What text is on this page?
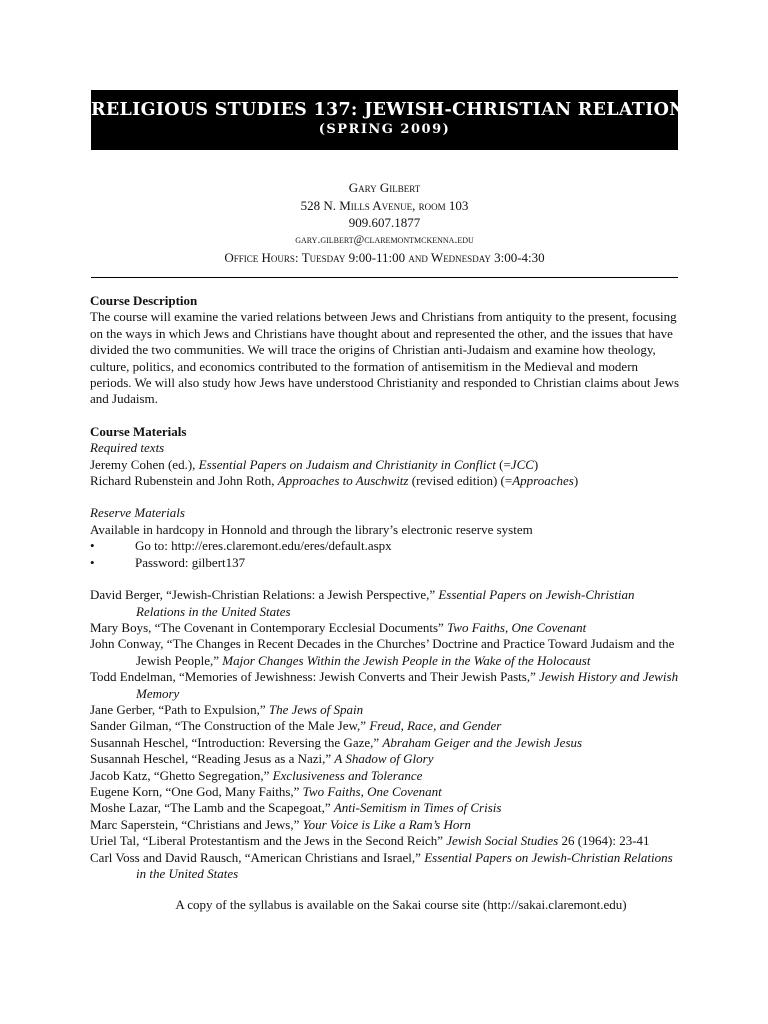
RELIGIOUS STUDIES 137: JEWISH-CHRISTIAN RELATIONS
(SPRING 2009)
Gary Gilbert
528 N. Mills Avenue, room 103
909.607.1877
gary.gilbert@claremontmckenna.edu
Office Hours: Tuesday 9:00-11:00 and Wednesday 3:00-4:30
Course Description

The course will examine the varied relations between Jews and Christians from antiquity to the present, focusing on the ways in which Jews and Christians have thought about and represented the other, and the issues that have divided the two communities. We will trace the origins of Christian anti-Judaism and examine how theology, culture, politics, and economics contributed to the formation of antisemitism in the Medieval and modern periods. We will also study how Jews have understood Christianity and responded to Christian claims about Jews and Judaism.

Course Materials
Required texts
Jeremy Cohen (ed.), Essential Papers on Judaism and Christianity in Conflict (=JCC)
Richard Rubenstein and John Roth, Approaches to Auschwitz (revised edition) (=Approaches)
Reserve Materials
Available in hardcopy in Honnold and through the library’s electronic reserve system
•	Go to: http://eres.claremont.edu/eres/default.aspx
•	Password: gilbert137
David Berger, “Jewish-Christian Relations: a Jewish Perspective,” Essential Papers on Jewish-Christian Relations in the United States
Mary Boys, “The Covenant in Contemporary Ecclesial Documents” Two Faiths, One Covenant
John Conway, “The Changes in Recent Decades in the Churches’ Doctrine and Practice Toward Judaism and the Jewish People,” Major Changes Within the Jewish People in the Wake of the Holocaust
Todd Endelman, “Memories of Jewishness: Jewish Converts and Their Jewish Pasts,” Jewish History and Jewish Memory
Jane Gerber, “Path to Expulsion,” The Jews of Spain
Sander Gilman, “The Construction of the Male Jew,” Freud, Race, and Gender
Susannah Heschel, “Introduction: Reversing the Gaze,” Abraham Geiger and the Jewish Jesus
Susannah Heschel, “Reading Jesus as a Nazi,” A Shadow of Glory
Jacob Katz, “Ghetto Segregation,” Exclusiveness and Tolerance
Eugene Korn, “One God, Many Faiths,” Two Faiths, One Covenant
Moshe Lazar, “The Lamb and the Scapegoat,” Anti-Semitism in Times of Crisis
Marc Saperstein, “Christians and Jews,” Your Voice is Like a Ram’s Horn
Uriel Tal, “Liberal Protestantism and the Jews in the Second Reich” Jewish Social Studies 26 (1964): 23-41
Carl Voss and David Rausch, “American Christians and Israel,” Essential Papers on Jewish-Christian Relations in the United States
A copy of the syllabus is available on the Sakai course site (http://sakai.claremont.edu)
